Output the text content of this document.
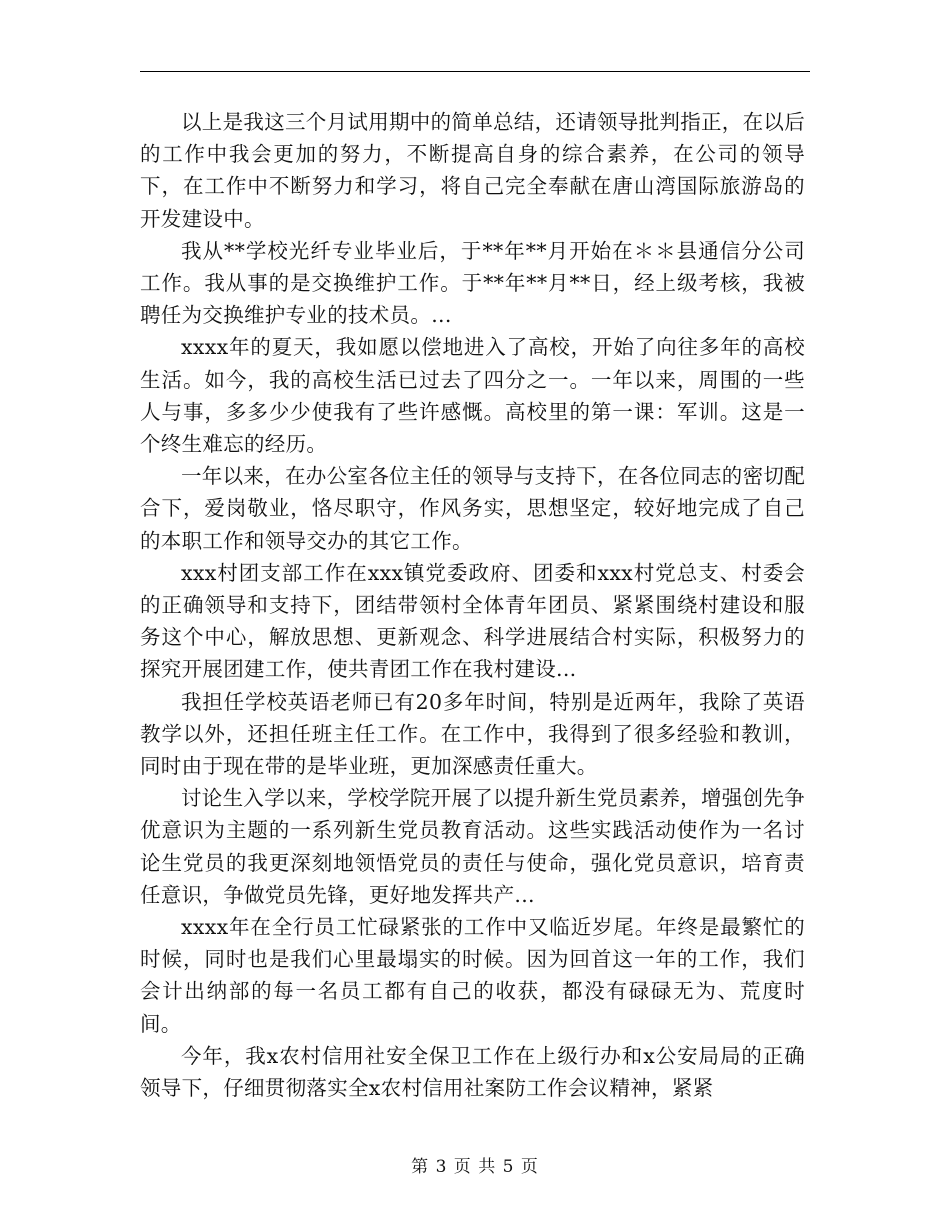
以上是我这三个月试用期中的简单总结，还请领导批判指正，在以后的工作中我会更加的努力，不断提高自身的综合素养，在公司的领导下，在工作中不断努力和学习，将自己完全奉献在唐山湾国际旅游岛的开发建设中。

我从**学校光纤专业毕业后，于**年**月开始在＊＊县通信分公司工作。我从事的是交换维护工作。于**年**月**日，经上级考核，我被聘任为交换维护专业的技术员。...

xxxx年的夏天，我如愿以偿地进入了高校，开始了向往多年的高校生活。如今，我的高校生活已过去了四分之一。一年以来，周围的一些人与事，多多少少使我有了些许感慨。高校里的第一课：军训。这是一个终生难忘的经历。

一年以来，在办公室各位主任的领导与支持下，在各位同志的密切配合下，爱岗敬业，恪尽职守，作风务实，思想坚定，较好地完成了自己的本职工作和领导交办的其它工作。

xxx村团支部工作在xxx镇党委政府、团委和xxx村党总支、村委会的正确领导和支持下，团结带领村全体青年团员、紧紧围绕村建设和服务这个中心，解放思想、更新观念、科学进展结合村实际，积极努力的探究开展团建工作，使共青团工作在我村建设...

我担任学校英语老师已有20多年时间，特别是近两年，我除了英语教学以外，还担任班主任工作。在工作中，我得到了很多经验和教训，同时由于现在带的是毕业班，更加深感责任重大。

讨论生入学以来，学校学院开展了以提升新生党员素养，增强创先争优意识为主题的一系列新生党员教育活动。这些实践活动使作为一名讨论生党员的我更深刻地领悟党员的责任与使命，强化党员意识，培育责任意识，争做党员先锋，更好地发挥共产...

xxxx年在全行员工忙碌紧张的工作中又临近岁尾。年终是最繁忙的时候，同时也是我们心里最塌实的时候。因为回首这一年的工作，我们会计出纳部的每一名员工都有自己的收获，都没有碌碌无为、荒度时间。

今年，我x农村信用社安全保卫工作在上级行办和x公安局局的正确领导下，仔细贯彻落实全x农村信用社案防工作会议精神，紧紧

第 3 页 共 5 页
